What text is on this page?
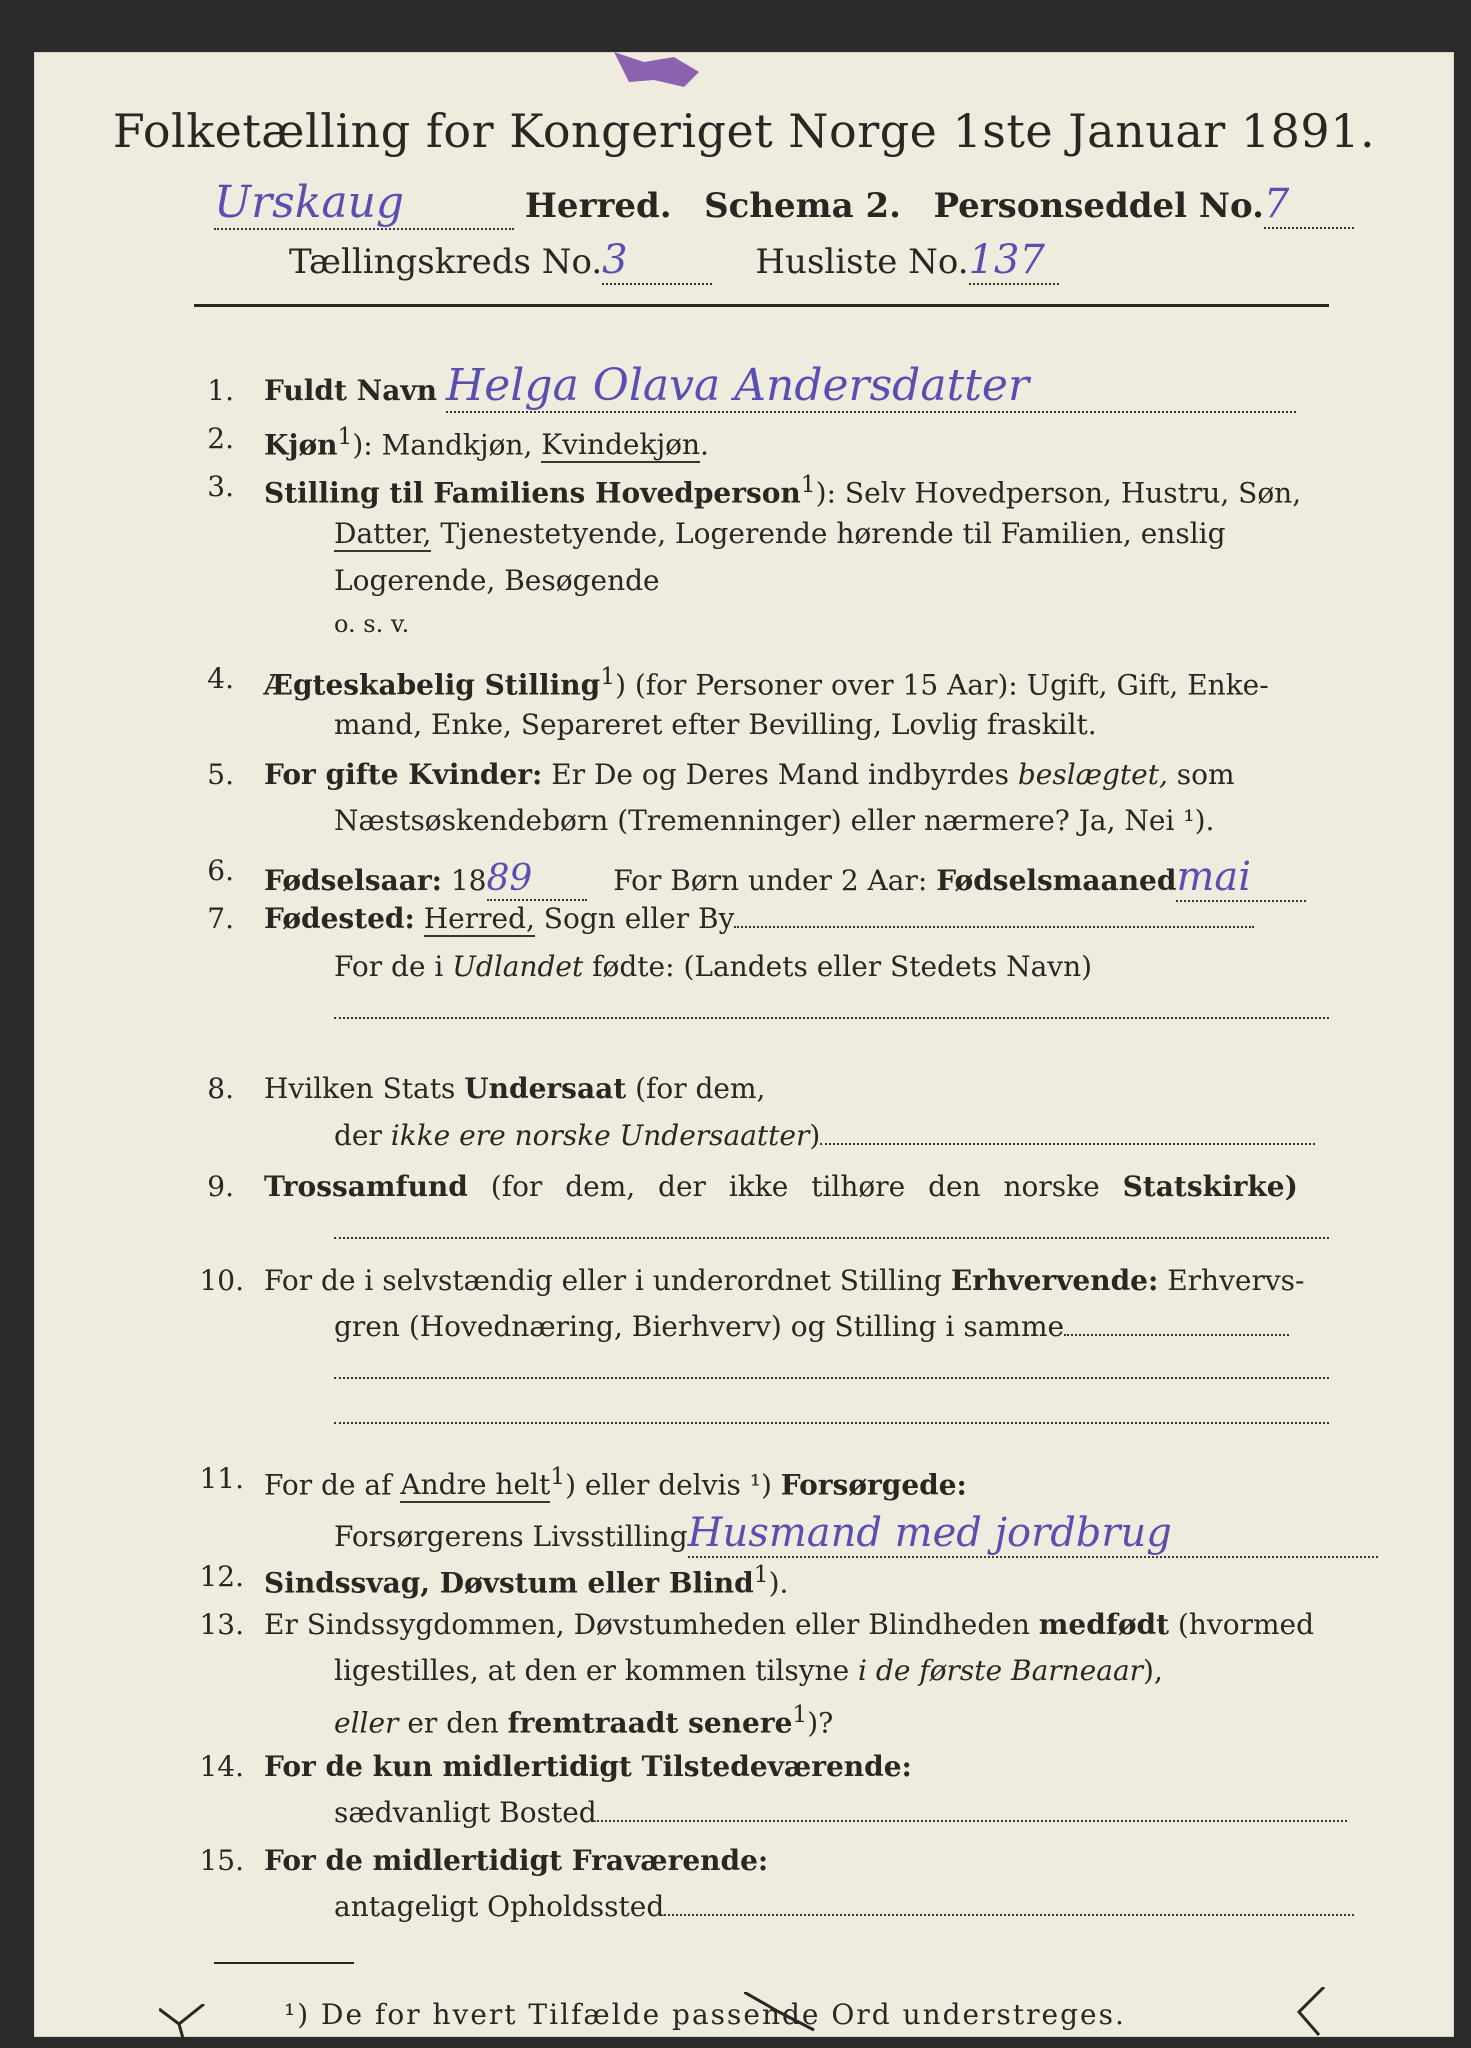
Folketælling for Kongeriget Norge 1ste Januar 1891.
Urskaug	Herred. Schema 2. Personseddel No.7
Tællingskreds No.3	Husliste No.137
1. Fuldt Navn Helga Olava Andersdatter
2. Kjøn$^1$): Mandkjøn, Kvindekjøn.
3. Stilling til Familiens Hovedperson$^1$): Selv Hovedperson, Hustru, Søn,
Datter, Tjenestetyende, Logerende hørende til Familien, enslig
Logerende, Besøgende
o. s. v.
4. Ægteskabelig Stilling$^1$) (for Personer over 15 Aar): Ugift, Gift, Enke-
mand, Enke, Separeret efter Bevilling, Lovlig fraskilt.
5. For gifte Kvinder: Er De og Deres Mand indbyrdes beslægtet, som
Næstsøskendebørn (Tremenninger) eller nærmere? Ja, Nei ¹).
6. Fødselsaar: 1889	For Børn under 2 Aar: Fødselsmaanedmai
7. Fødested: Herred, Sogn eller By
For de i Udlandet fødte: (Landets eller Stedets Navn)
8. Hvilken Stats Undersaat (for dem,
der ikke ere norske Undersaatter)
9. Trossamfund (for dem, der ikke tilhøre den norske Statskirke)
10. For de i selvstændig eller i underordnet Stilling Erhvervende: Erhvervs-
gren (Hovednæring, Bierhverv) og Stilling i samme
11. For de af Andre helt$^1$) eller delvis ¹) Forsørgede:
Forsørgerens LivsstillingHusmand med jordbrug
12. Sindssvag, Døvstum eller Blind$^1$).
13. Er Sindssygdommen, Døvstumheden eller Blindheden medfødt (hvormed
ligestilles, at den er kommen tilsyne i de første Barneaar),
eller er den fremtraadt senere$^1$)?
14. For de kun midlertidigt Tilstedeværende:
sædvanligt Bosted
15. For de midlertidigt Fraværende:
antageligt Opholdssted
¹) De for hvert Tilfælde passende Ord understreges.
